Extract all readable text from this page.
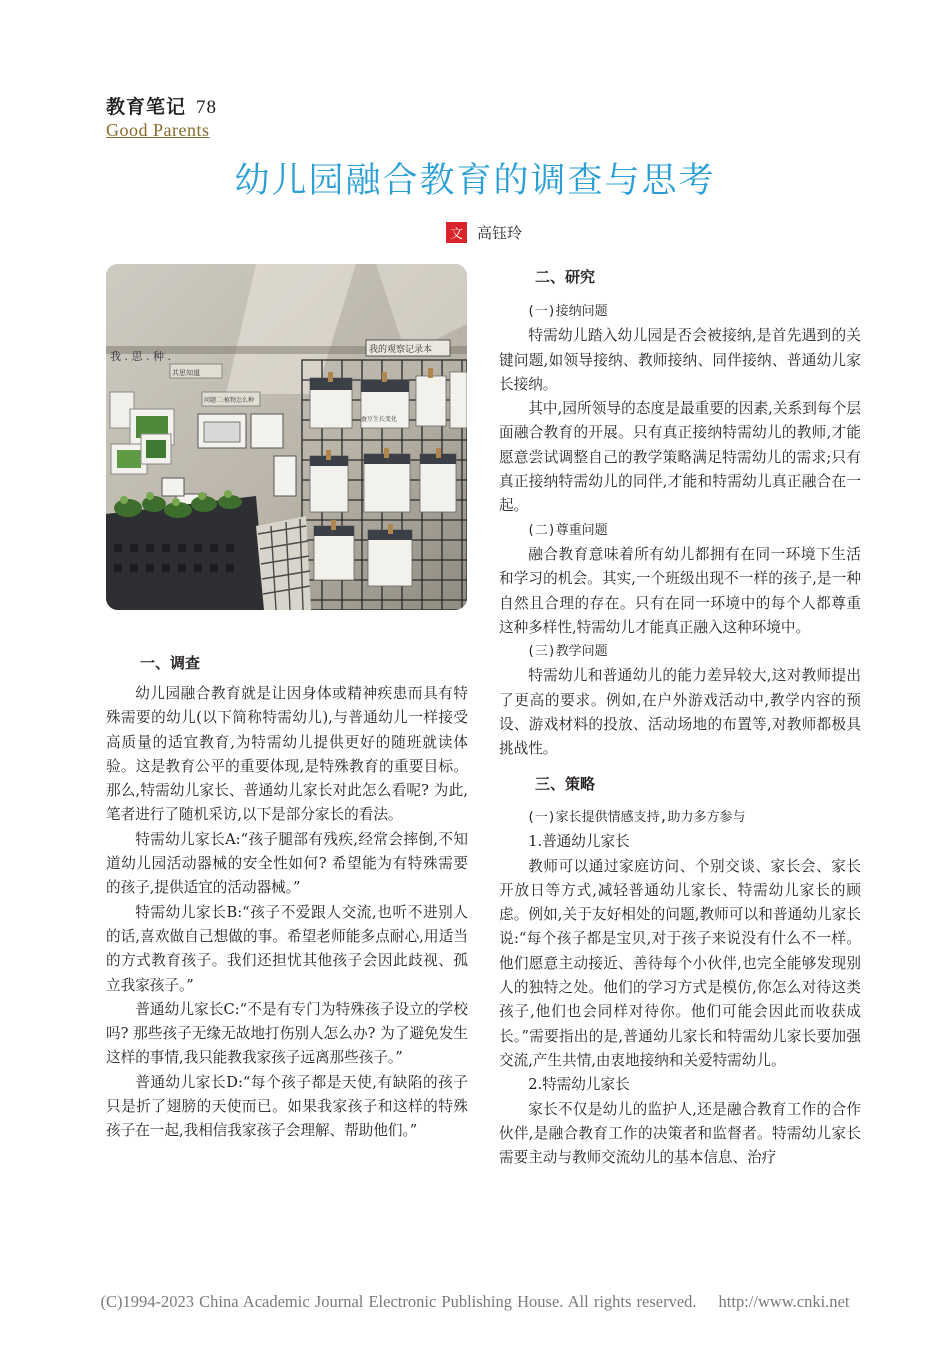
教育笔记 78
Good Parents
幼儿园融合教育的调查与思考
文 高钰玲
我 . 思 . 种 .	我的观察记录本
共思知道
问题二:植物怎么种
蚕豆生长变化
一、调查

幼儿园融合教育就是让因身体或精神疾患而具有特殊需要的幼儿(以下简称特需幼儿),与普通幼儿一样接受高质量的适宜教育,为特需幼儿提供更好的随班就读体验。这是教育公平的重要体现,是特殊教育的重要目标。那么,特需幼儿家长、普通幼儿家长对此怎么看呢? 为此,笔者进行了随机采访,以下是部分家长的看法。

特需幼儿家长A:“孩子腿部有残疾,经常会摔倒,不知道幼儿园活动器械的安全性如何? 希望能为有特殊需要的孩子,提供适宜的活动器械。”

特需幼儿家长B:“孩子不爱跟人交流,也听不进别人的话,喜欢做自己想做的事。希望老师能多点耐心,用适当的方式教育孩子。我们还担忧其他孩子会因此歧视、孤立我家孩子。”

普通幼儿家长C:“不是有专门为特殊孩子设立的学校吗? 那些孩子无缘无故地打伤别人怎么办? 为了避免发生这样的事情,我只能教我家孩子远离那些孩子。”

普通幼儿家长D:“每个孩子都是天使,有缺陷的孩子只是折了翅膀的天使而已。如果我家孩子和这样的特殊孩子在一起,我相信我家孩子会理解、帮助他们。”

二、研究

(一)接纳问题

特需幼儿踏入幼儿园是否会被接纳,是首先遇到的关键问题,如领导接纳、教师接纳、同伴接纳、普通幼儿家长接纳。

其中,园所领导的态度是最重要的因素,关系到每个层面融合教育的开展。只有真正接纳特需幼儿的教师,才能愿意尝试调整自己的教学策略满足特需幼儿的需求;只有真正接纳特需幼儿的同伴,才能和特需幼儿真正融合在一起。

(二)尊重问题

融合教育意味着所有幼儿都拥有在同一环境下生活和学习的机会。其实,一个班级出现不一样的孩子,是一种自然且合理的存在。只有在同一环境中的每个人都尊重这种多样性,特需幼儿才能真正融入这种环境中。

(三)教学问题

特需幼儿和普通幼儿的能力差异较大,这对教师提出了更高的要求。例如,在户外游戏活动中,教学内容的预设、游戏材料的投放、活动场地的布置等,对教师都极具挑战性。

三、策略

(一)家长提供情感支持,助力多方参与

1.普通幼儿家长

教师可以通过家庭访问、个别交谈、家长会、家长开放日等方式,减轻普通幼儿家长、特需幼儿家长的顾虑。例如,关于友好相处的问题,教师可以和普通幼儿家长说:“每个孩子都是宝贝,对于孩子来说没有什么不一样。他们愿意主动接近、善待每个小伙伴,也完全能够发现别人的独特之处。他们的学习方式是模仿,你怎么对待这类孩子,他们也会同样对待你。他们可能会因此而收获成长。”需要指出的是,普通幼儿家长和特需幼儿家长要加强交流,产生共情,由衷地接纳和关爱特需幼儿。

2.特需幼儿家长

家长不仅是幼儿的监护人,还是融合教育工作的合作伙伴,是融合教育工作的决策者和监督者。特需幼儿家长需要主动与教师交流幼儿的基本信息、治疗

(C)1994-2023 China Academic Journal Electronic Publishing House. All rights reserved. http://www.cnki.net
